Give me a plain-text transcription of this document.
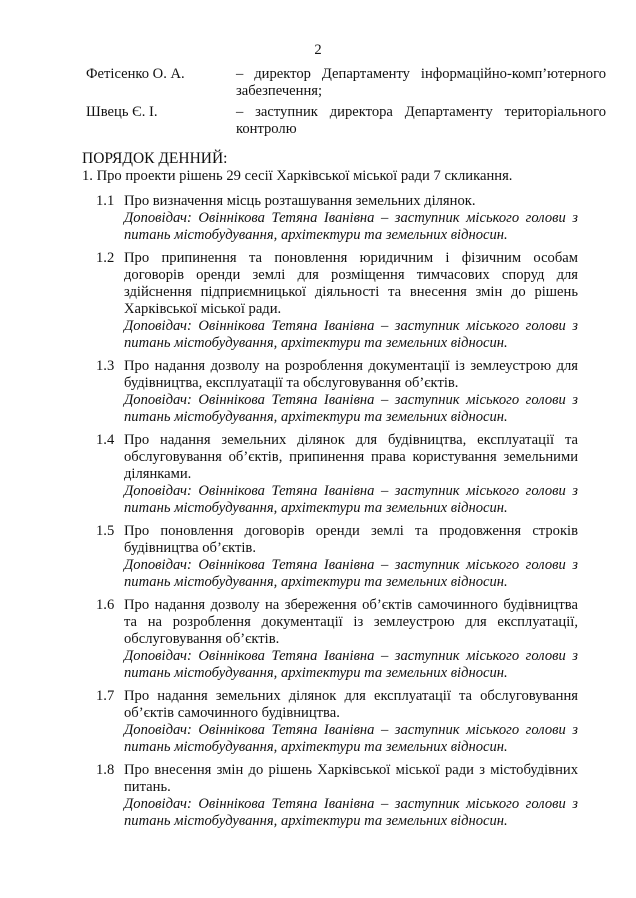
2
Фетісенко О. А.	– директор Департаменту інформаційно-комп’ютерного забезпечення;
Швець Є. І.	– заступник директора Департаменту територіального контролю
ПОРЯДОК ДЕННИЙ:
1. Про проекти рішень 29 сесії Харківської міської ради 7 скликання.
1.1 Про визначення місць розташування земельних ділянок.
Доповідач: Овіннікова Тетяна Іванівна – заступник міського голови з питань містобудування, архітектури та земельних відносин.
1.2 Про припинення та поновлення юридичним і фізичним особам договорів оренди землі для розміщення тимчасових споруд для здійснення підприємницької діяльності та внесення змін до рішень Харківської міської ради.
Доповідач: Овіннікова Тетяна Іванівна – заступник міського голови з питань містобудування, архітектури та земельних відносин.
1.3 Про надання дозволу на розроблення документації із землеустрою для будівництва, експлуатації та обслуговування об’єктів.
Доповідач: Овіннікова Тетяна Іванівна – заступник міського голови з питань містобудування, архітектури та земельних відносин.
1.4 Про надання земельних ділянок для будівництва, експлуатації та обслуговування об’єктів, припинення права користування земельними ділянками.
Доповідач: Овіннікова Тетяна Іванівна – заступник міського голови з питань містобудування, архітектури та земельних відносин.
1.5 Про поновлення договорів оренди землі та продовження строків будівництва об’єктів.
Доповідач: Овіннікова Тетяна Іванівна – заступник міського голови з питань містобудування, архітектури та земельних відносин.
1.6 Про надання дозволу на збереження об’єктів самочинного будівництва та на розроблення документації із землеустрою для експлуатації, обслуговування об’єктів.
Доповідач: Овіннікова Тетяна Іванівна – заступник міського голови з питань містобудування, архітектури та земельних відносин.
1.7 Про надання земельних ділянок для експлуатації та обслуговування об’єктів самочинного будівництва.
Доповідач: Овіннікова Тетяна Іванівна – заступник міського голови з питань містобудування, архітектури та земельних відносин.
1.8 Про внесення змін до рішень Харківської міської ради з містобудівних питань.
Доповідач: Овіннікова Тетяна Іванівна – заступник міського голови з питань містобудування, архітектури та земельних відносин.
